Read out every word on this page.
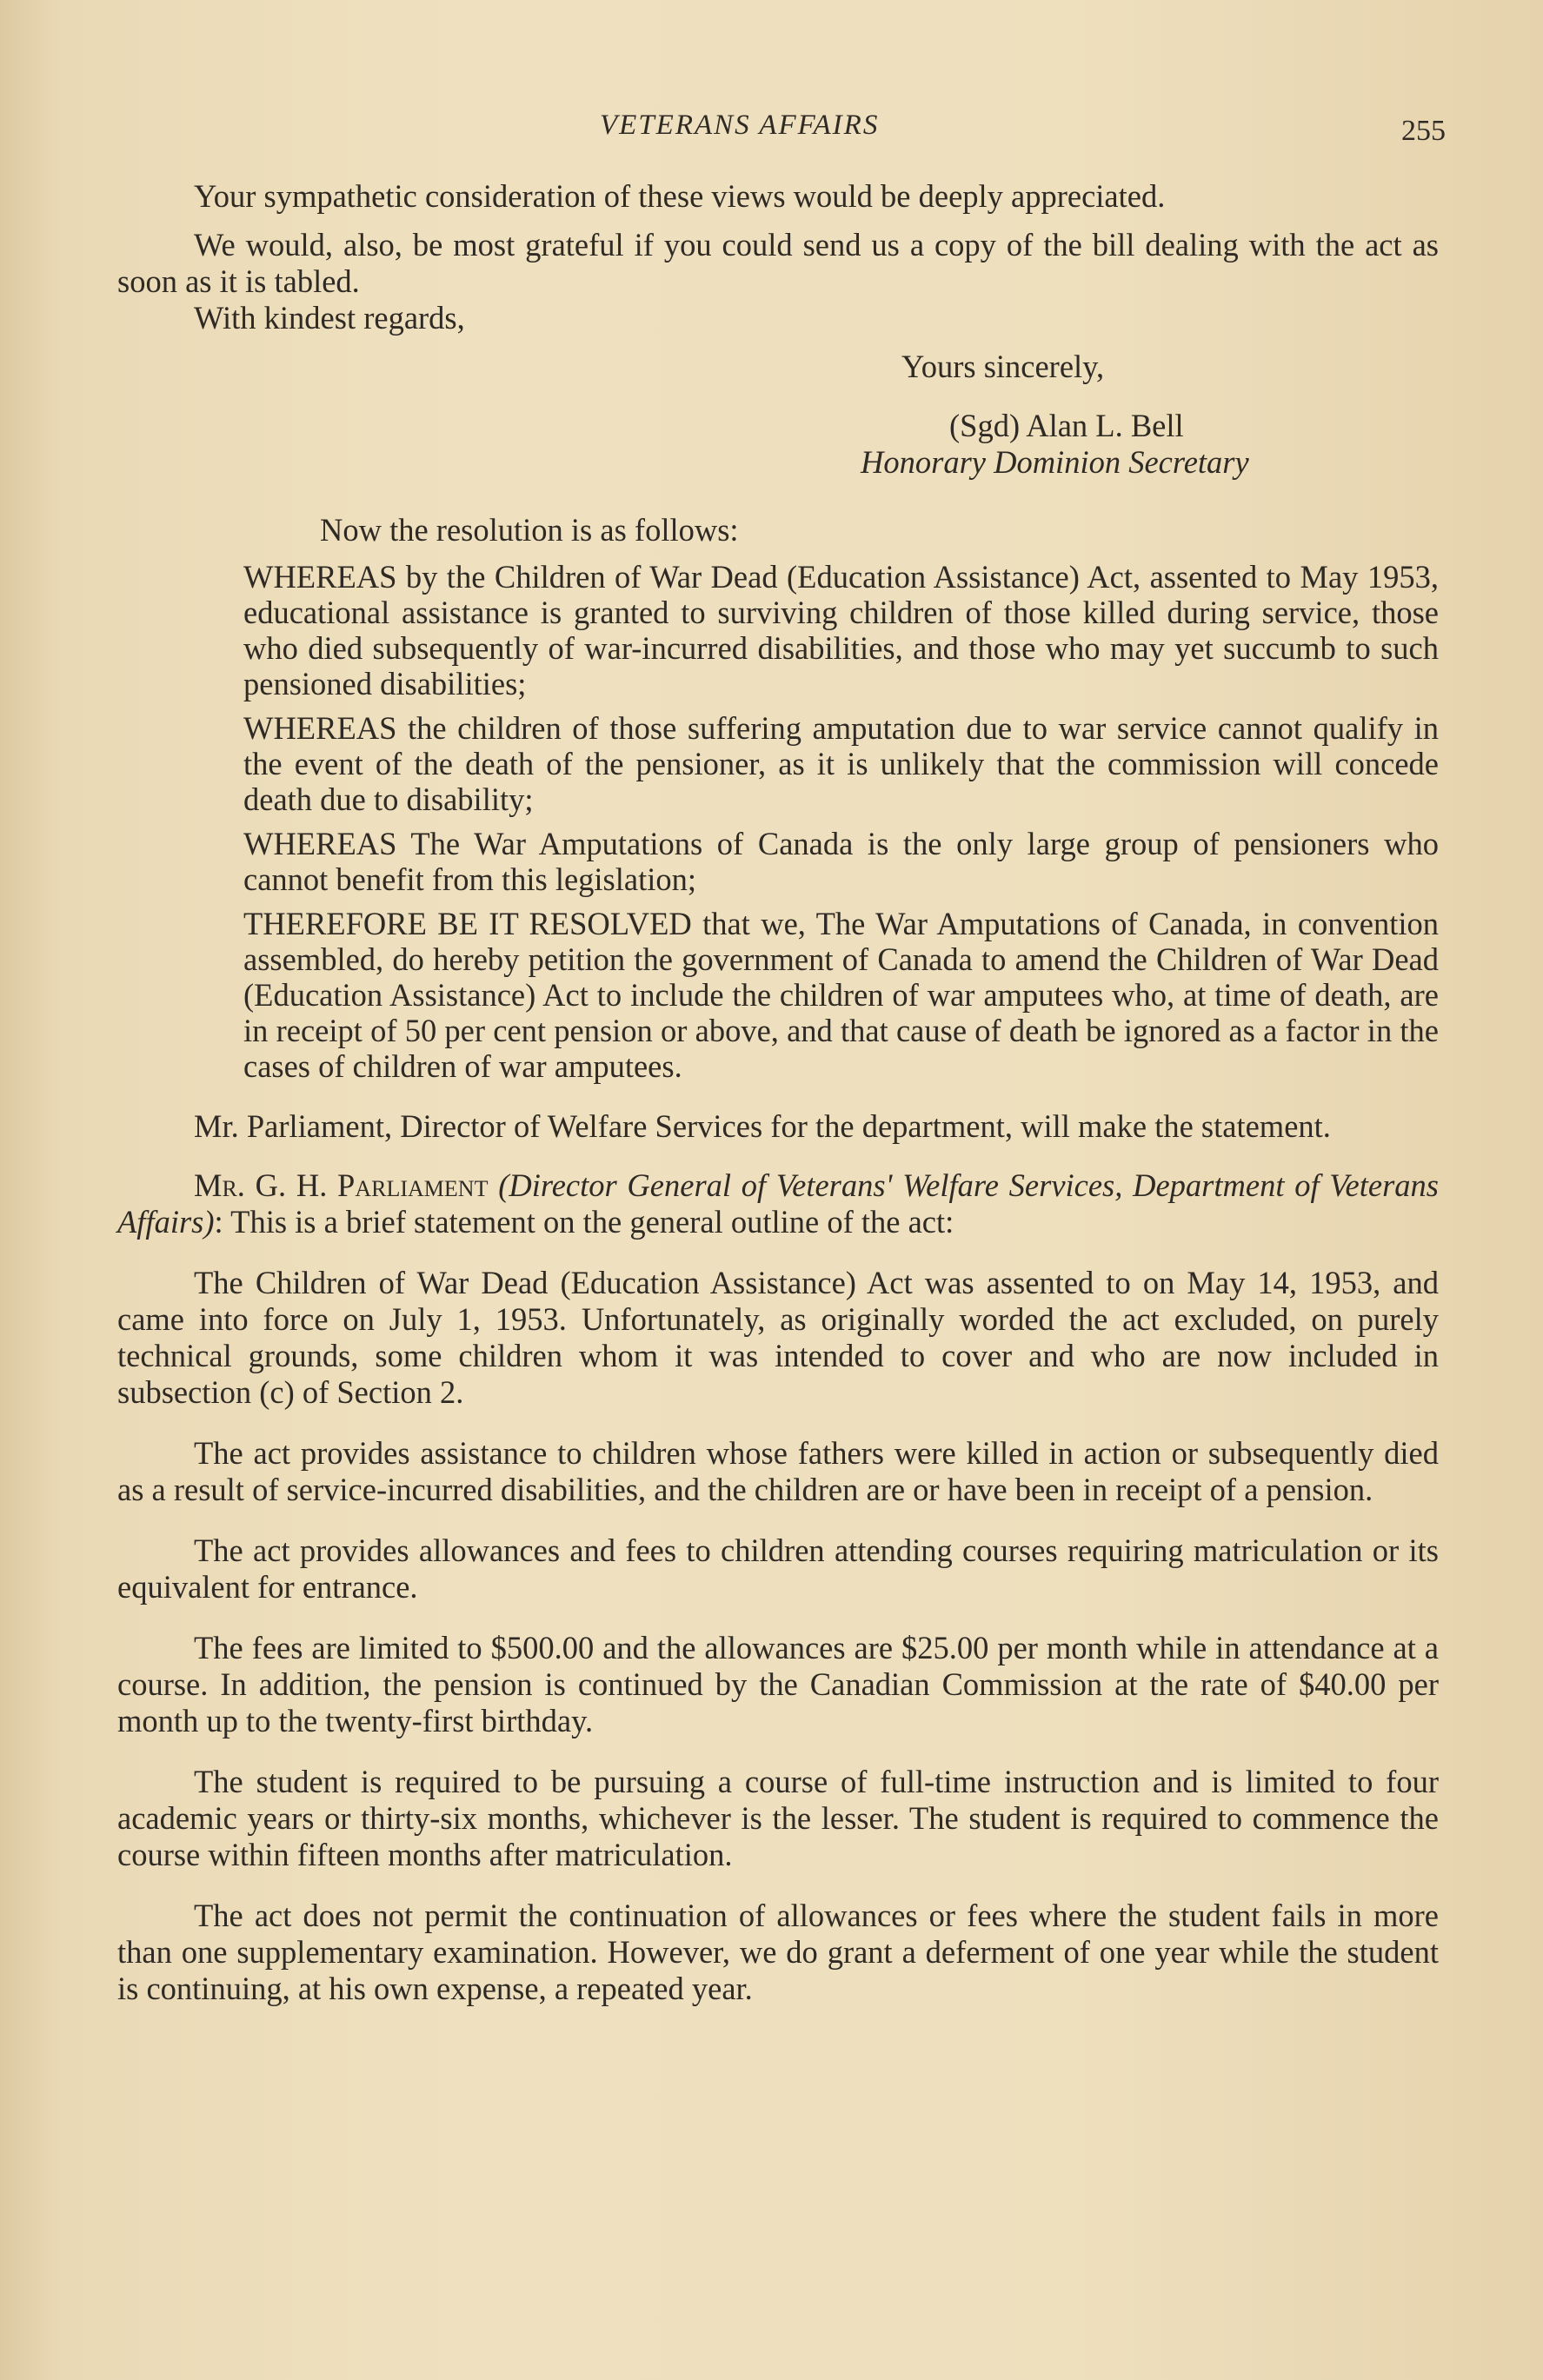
VETERANS AFFAIRS	255

Your sympathetic consideration of these views would be deeply appreciated.

We would, also, be most grateful if you could send us a copy of the bill dealing with the act as soon as it is tabled.

With kindest regards,

Yours sincerely,

(Sgd) Alan L. Bell

Honorary Dominion Secretary

Now the resolution is as follows:

WHEREAS by the Children of War Dead (Education Assistance) Act, assented to May 1953, educational assistance is granted to surviving children of those killed during service, those who died subsequently of war-incurred disabilities, and those who may yet succumb to such pensioned disabilities;

WHEREAS the children of those suffering amputation due to war service cannot qualify in the event of the death of the pensioner, as it is unlikely that the commission will concede death due to disability;

WHEREAS The War Amputations of Canada is the only large group of pensioners who cannot benefit from this legislation;

THEREFORE BE IT RESOLVED that we, The War Amputations of Canada, in convention assembled, do hereby petition the government of Canada to amend the Children of War Dead (Education Assistance) Act to include the children of war amputees who, at time of death, are in receipt of 50 per cent pension or above, and that cause of death be ignored as a factor in the cases of children of war amputees.

Mr. Parliament, Director of Welfare Services for the department, will make the statement.

Mr. G. H. Parliament (Director General of Veterans' Welfare Services, Department of Veterans Affairs): This is a brief statement on the general outline of the act:

The Children of War Dead (Education Assistance) Act was assented to on May 14, 1953, and came into force on July 1, 1953. Unfortunately, as originally worded the act excluded, on purely technical grounds, some children whom it was intended to cover and who are now included in subsection (c) of Section 2.

The act provides assistance to children whose fathers were killed in action or subsequently died as a result of service-incurred disabilities, and the children are or have been in receipt of a pension.

The act provides allowances and fees to children attending courses requiring matriculation or its equivalent for entrance.

The fees are limited to $500.00 and the allowances are $25.00 per month while in attendance at a course. In addition, the pension is continued by the Canadian Commission at the rate of $40.00 per month up to the twenty-first birthday.

The student is required to be pursuing a course of full-time instruction and is limited to four academic years or thirty-six months, whichever is the lesser. The student is required to commence the course within fifteen months after matriculation.

The act does not permit the continuation of allowances or fees where the student fails in more than one supplementary examination. However, we do grant a deferment of one year while the student is continuing, at his own expense, a repeated year.
